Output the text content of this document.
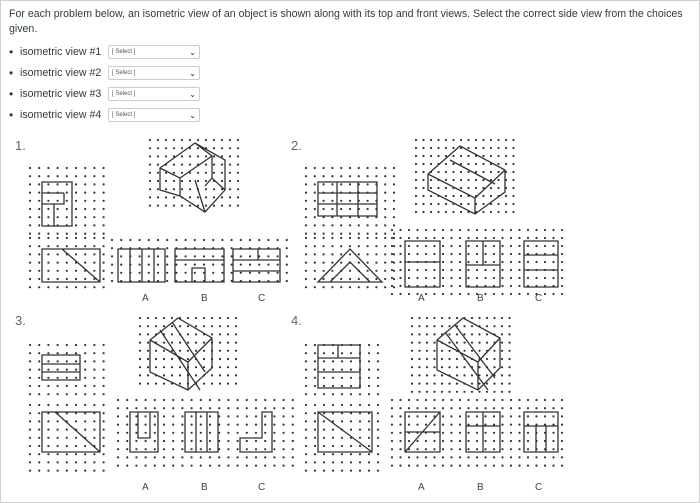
For each problem below, an isometric view of an object is shown along with its top and front views. Select the correct side view from the choices given.
• isometric view #1	[ Select ]	⌄
• isometric view #2	[ Select ]	⌄
• isometric view #3	[ Select ]	⌄
• isometric view #4	[ Select ]	⌄
1.	2.
3.	4.
A	B	C	A	B	C
A	B	C	A	B	C
